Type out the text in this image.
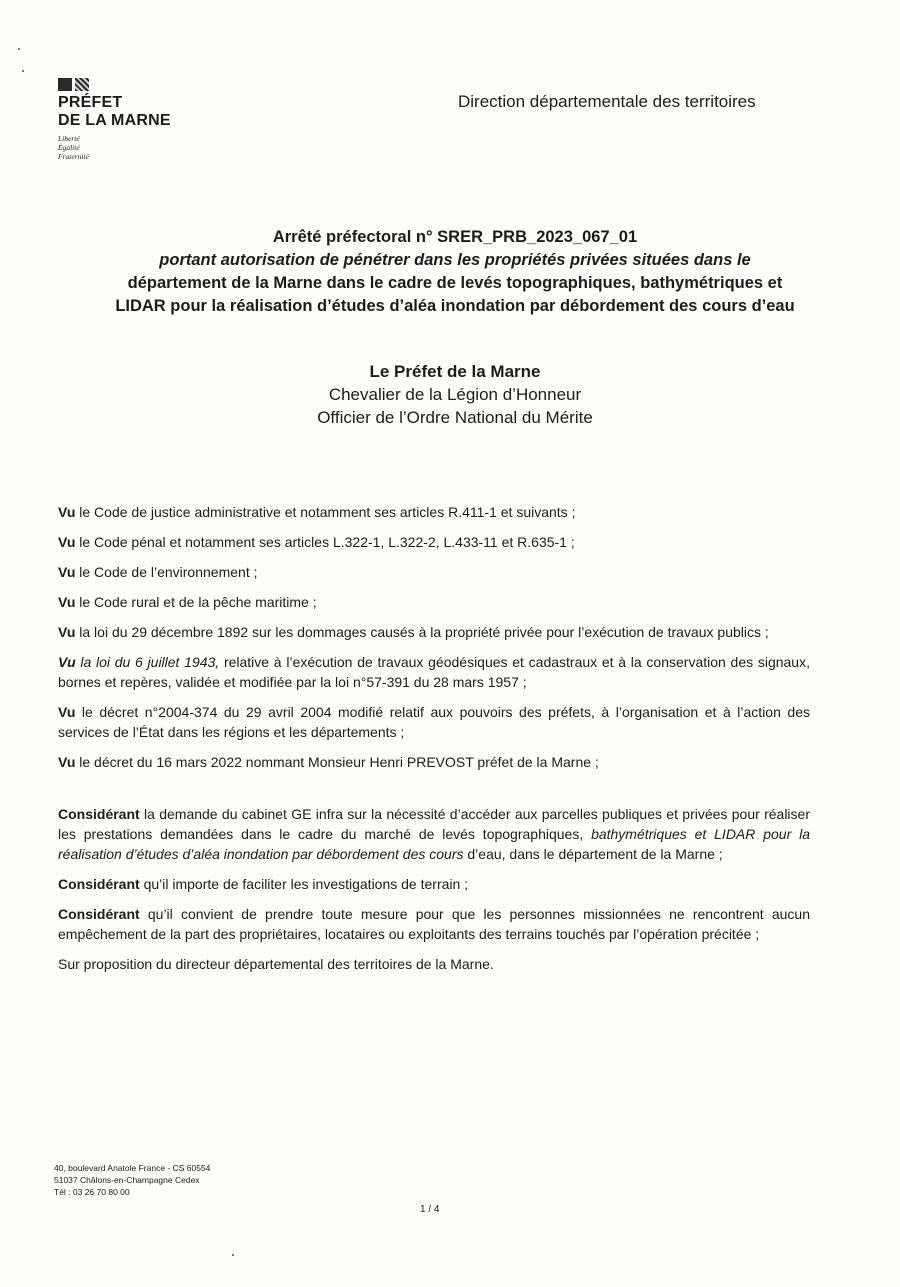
PRÉFET
DE LA MARNE
Liberté
Égalité
Fraternité
Direction départementale des territoires
Arrêté préfectoral n° SRER_PRB_2023_067_01
portant autorisation de pénétrer dans les propriétés privées situées dans le
département de la Marne dans le cadre de levés topographiques, bathymétriques et
LIDAR pour la réalisation d’études d’aléa inondation par débordement des cours d’eau
Le Préfet de la Marne
Chevalier de la Légion d’Honneur
Officier de l’Ordre National du Mérite

Vu le Code de justice administrative et notamment ses articles R.411-1 et suivants ;

Vu le Code pénal et notamment ses articles L.322-1, L.322-2, L.433-11 et R.635-1 ;

Vu le Code de l’environnement ;

Vu le Code rural et de la pêche maritime ;

Vu la loi du 29 décembre 1892 sur les dommages causés à la propriété privée pour l’exécution de travaux publics ;

Vu la loi du 6 juillet 1943, relative à l’exécution de travaux géodésiques et cadastraux et à la conservation des signaux, bornes et repères, validée et modifiée par la loi n°57-391 du 28 mars 1957 ;

Vu le décret n°2004-374 du 29 avril 2004 modifié relatif aux pouvoirs des préfets, à l’organisation et à l’action des services de l’État dans les régions et les départements ;

Vu le décret du 16 mars 2022 nommant Monsieur Henri PREVOST préfet de la Marne ;

Considérant la demande du cabinet GE infra sur la nécessité d’accéder aux parcelles publiques et privées pour réaliser les prestations demandées dans le cadre du marché de levés topographiques, bathymétriques et LIDAR pour la réalisation d’études d’aléa inondation par débordement des cours d’eau, dans le département de la Marne ;

Considérant qu’il importe de faciliter les investigations de terrain ;

Considérant qu’il convient de prendre toute mesure pour que les personnes missionnées ne rencontrent aucun empêchement de la part des propriétaires, locataires ou exploitants des terrains touchés par l’opération précitée ;

Sur proposition du directeur départemental des territoires de la Marne.

40, boulevard Anatole France - CS 60554
51037 Châlons-en-Champagne Cedex
Tél : 03 26 70 80 00
1 / 4
